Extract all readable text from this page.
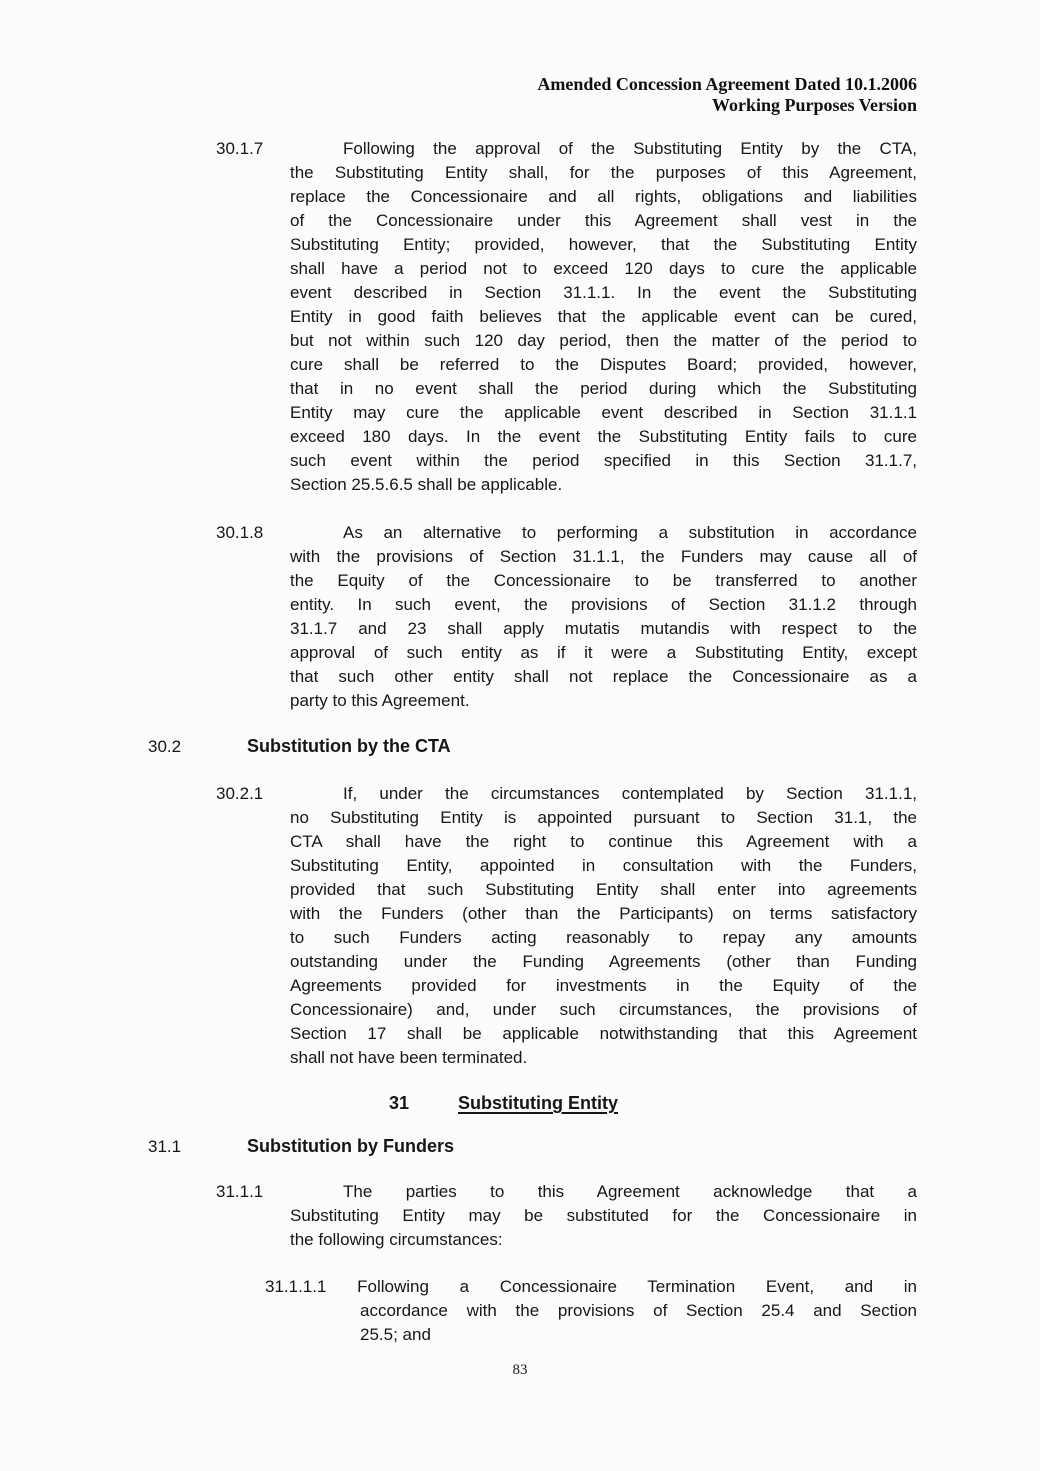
Amended Concession Agreement Dated 10.1.2006
Working Purposes Version
30.1.7	Following the approval of the Substituting Entity by the CTA,
the Substituting Entity shall, for the purposes of this Agreement,
replace the Concessionaire and all rights, obligations and liabilities
of the Concessionaire under this Agreement shall vest in the
Substituting Entity; provided, however, that the Substituting Entity
shall have a period not to exceed 120 days to cure the applicable
event described in Section 31.1.1. In the event the Substituting
Entity in good faith believes that the applicable event can be cured,
but not within such 120 day period, then the matter of the period to
cure shall be referred to the Disputes Board; provided, however,
that in no event shall the period during which the Substituting
Entity may cure the applicable event described in Section 31.1.1
exceed 180 days. In the event the Substituting Entity fails to cure
such event within the period specified in this Section 31.1.7,
Section 25.5.6.5 shall be applicable.
30.1.8	As an alternative to performing a substitution in accordance
with the provisions of Section 31.1.1, the Funders may cause all of
the Equity of the Concessionaire to be transferred to another
entity. In such event, the provisions of Section 31.1.2 through
31.1.7 and 23 shall apply mutatis mutandis with respect to the
approval of such entity as if it were a Substituting Entity, except
that such other entity shall not replace the Concessionaire as a
party to this Agreement.
30.2	Substitution by the CTA
30.2.1	If, under the circumstances contemplated by Section 31.1.1,
no Substituting Entity is appointed pursuant to Section 31.1, the
CTA shall have the right to continue this Agreement with a
Substituting Entity, appointed in consultation with the Funders,
provided that such Substituting Entity shall enter into agreements
with the Funders (other than the Participants) on terms satisfactory
to such Funders acting reasonably to repay any amounts
outstanding under the Funding Agreements (other than Funding
Agreements provided for investments in the Equity of the
Concessionaire) and, under such circumstances, the provisions of
Section 17 shall be applicable notwithstanding that this Agreement
shall not have been terminated.
31	Substituting Entity
31.1	Substitution by Funders
31.1.1	The parties to this Agreement acknowledge that a
Substituting Entity may be substituted for the Concessionaire in
the following circumstances:
31.1.1.1 Following a Concessionaire Termination Event, and in
accordance with the provisions of Section 25.4 and Section
25.5; and
83
